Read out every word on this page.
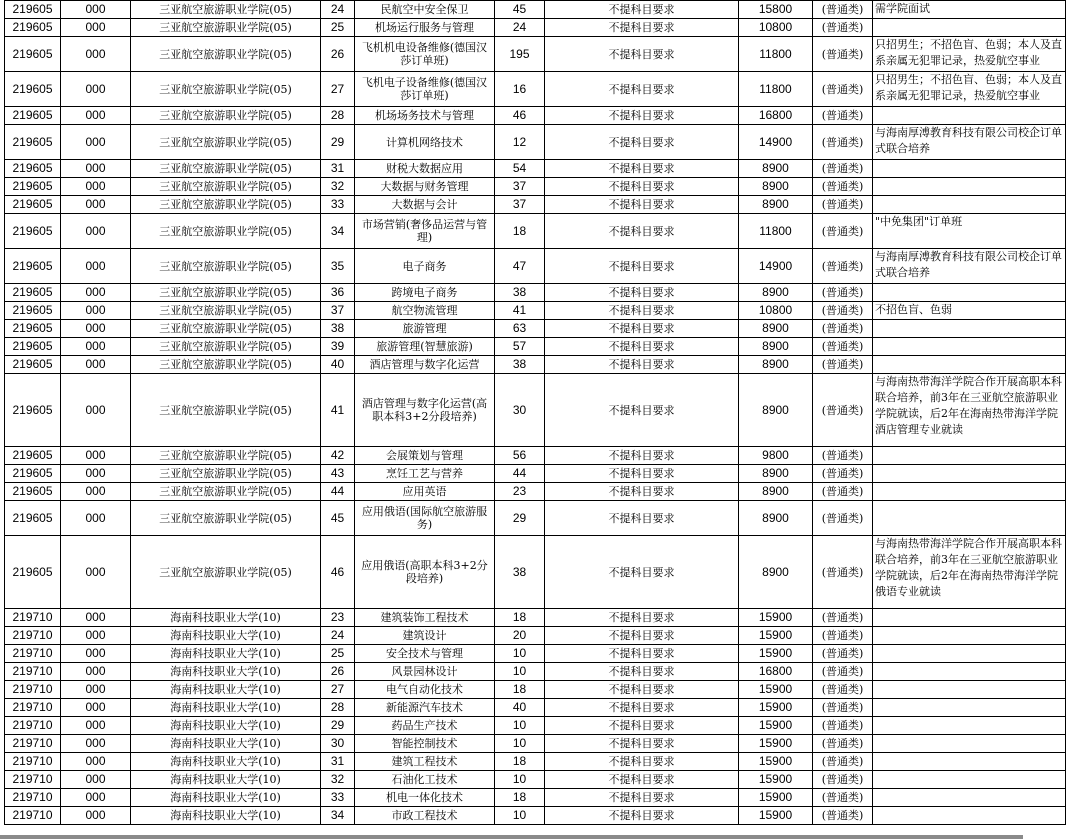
219605	000	三亚航空旅游职业学院(05)	24	民航空中安全保卫	45	不提科目要求	15800	(普通类)	需学院面试
219605	000	三亚航空旅游职业学院(05)	25	机场运行服务与管理	24	不提科目要求	10800	(普通类)	
219605	000	三亚航空旅游职业学院(05)	26	飞机机电设备维修(德国汉莎订单班)	195	不提科目要求	11800	(普通类)	只招男生；不招色盲、色弱；本人及直系亲属无犯罪记录，热爱航空事业
219605	000	三亚航空旅游职业学院(05)	27	飞机电子设备维修(德国汉莎订单班)	16	不提科目要求	11800	(普通类)	只招男生；不招色盲、色弱；本人及直系亲属无犯罪记录，热爱航空事业
219605	000	三亚航空旅游职业学院(05)	28	机场场务技术与管理	46	不提科目要求	16800	(普通类)	
219605	000	三亚航空旅游职业学院(05)	29	计算机网络技术	12	不提科目要求	14900	(普通类)	与海南厚溥教育科技有限公司校企订单式联合培养
219605	000	三亚航空旅游职业学院(05)	31	财税大数据应用	54	不提科目要求	8900	(普通类)	
219605	000	三亚航空旅游职业学院(05)	32	大数据与财务管理	37	不提科目要求	8900	(普通类)	
219605	000	三亚航空旅游职业学院(05)	33	大数据与会计	37	不提科目要求	8900	(普通类)	
219605	000	三亚航空旅游职业学院(05)	34	市场营销(奢侈品运营与管理)	18	不提科目要求	11800	(普通类)	"中免集团"订单班
219605	000	三亚航空旅游职业学院(05)	35	电子商务	47	不提科目要求	14900	(普通类)	与海南厚溥教育科技有限公司校企订单式联合培养
219605	000	三亚航空旅游职业学院(05)	36	跨境电子商务	38	不提科目要求	8900	(普通类)	
219605	000	三亚航空旅游职业学院(05)	37	航空物流管理	41	不提科目要求	10800	(普通类)	不招色盲、色弱
219605	000	三亚航空旅游职业学院(05)	38	旅游管理	63	不提科目要求	8900	(普通类)	
219605	000	三亚航空旅游职业学院(05)	39	旅游管理(智慧旅游)	57	不提科目要求	8900	(普通类)	
219605	000	三亚航空旅游职业学院(05)	40	酒店管理与数字化运营	38	不提科目要求	8900	(普通类)	
219605	000	三亚航空旅游职业学院(05)	41	酒店管理与数字化运营(高职本科3+2分段培养)	30	不提科目要求	8900	(普通类)	与海南热带海洋学院合作开展高职本科联合培养，前3年在三亚航空旅游职业学院就读，后2年在海南热带海洋学院酒店管理专业就读
219605	000	三亚航空旅游职业学院(05)	42	会展策划与管理	56	不提科目要求	9800	(普通类)	
219605	000	三亚航空旅游职业学院(05)	43	烹饪工艺与营养	44	不提科目要求	8900	(普通类)	
219605	000	三亚航空旅游职业学院(05)	44	应用英语	23	不提科目要求	8900	(普通类)	
219605	000	三亚航空旅游职业学院(05)	45	应用俄语(国际航空旅游服务)	29	不提科目要求	8900	(普通类)	
219605	000	三亚航空旅游职业学院(05)	46	应用俄语(高职本科3+2分段培养)	38	不提科目要求	8900	(普通类)	与海南热带海洋学院合作开展高职本科联合培养，前3年在三亚航空旅游职业学院就读，后2年在海南热带海洋学院俄语专业就读
219710	000	海南科技职业大学(10)	23	建筑装饰工程技术	18	不提科目要求	15900	(普通类)	
219710	000	海南科技职业大学(10)	24	建筑设计	20	不提科目要求	15900	(普通类)	
219710	000	海南科技职业大学(10)	25	安全技术与管理	10	不提科目要求	15900	(普通类)	
219710	000	海南科技职业大学(10)	26	风景园林设计	10	不提科目要求	16800	(普通类)	
219710	000	海南科技职业大学(10)	27	电气自动化技术	18	不提科目要求	15900	(普通类)	
219710	000	海南科技职业大学(10)	28	新能源汽车技术	40	不提科目要求	15900	(普通类)	
219710	000	海南科技职业大学(10)	29	药品生产技术	10	不提科目要求	15900	(普通类)	
219710	000	海南科技职业大学(10)	30	智能控制技术	10	不提科目要求	15900	(普通类)	
219710	000	海南科技职业大学(10)	31	建筑工程技术	18	不提科目要求	15900	(普通类)	
219710	000	海南科技职业大学(10)	32	石油化工技术	10	不提科目要求	15900	(普通类)	
219710	000	海南科技职业大学(10)	33	机电一体化技术	18	不提科目要求	15900	(普通类)	
219710	000	海南科技职业大学(10)	34	市政工程技术	10	不提科目要求	15900	(普通类)	
